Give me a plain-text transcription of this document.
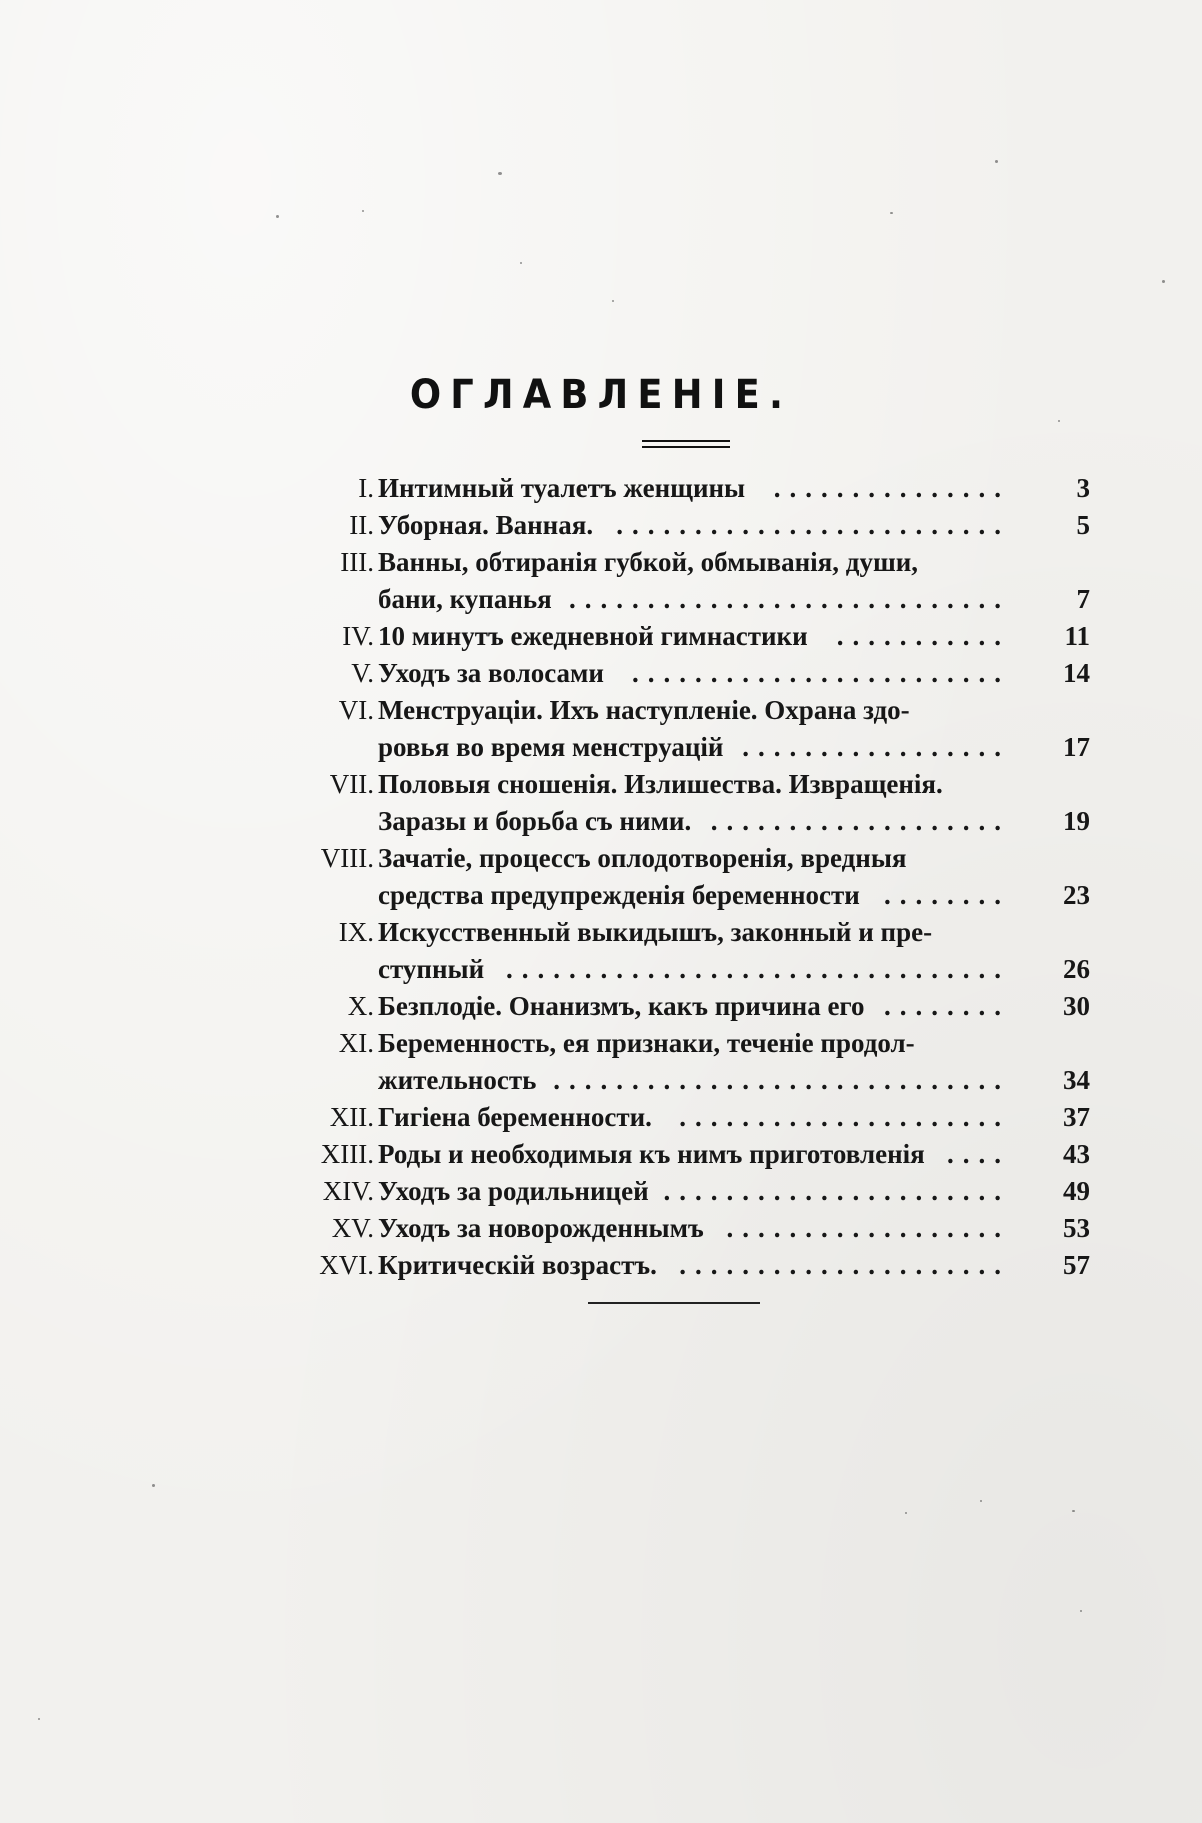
ОГЛАВЛЕНІЕ.
I. Интимный туалетъ женщины ...............	3
II. Уборная. Ванная. .........................	5
III. Ванны, обтиранія губкой, обмыванія, души,
бани, купанья ............................	7
IV. 10 минутъ ежедневной гимнастики ...........	11
V. Уходъ за волосами ........................	14
VI. Менструаціи. Ихъ наступленіе. Охрана здо-
ровья во время менструацій .................	17
VII. Половыя сношенія. Излишества. Извращенія.
Заразы и борьба съ ними. ...................	19
VIII. Зачатіе, процессъ оплодотворенія, вредныя
средства предупрежденія беременности ........	23
IX. Искусственный выкидышъ, законный и пре-
ступный ................................	26
X. Безплодіе. Онанизмъ, какъ причина его ........	30
XI. Беременность, ея признаки, теченіе продол-
жительность .............................	34
XII. Гигіена беременности. .....................	37
XIII. Роды и необходимыя къ нимъ приготовленія ....	43
XIV. Уходъ за родильницей ......................	49
XV. Уходъ за новорожденнымъ ..................	53
XVI. Критическій возрастъ. .....................	57
